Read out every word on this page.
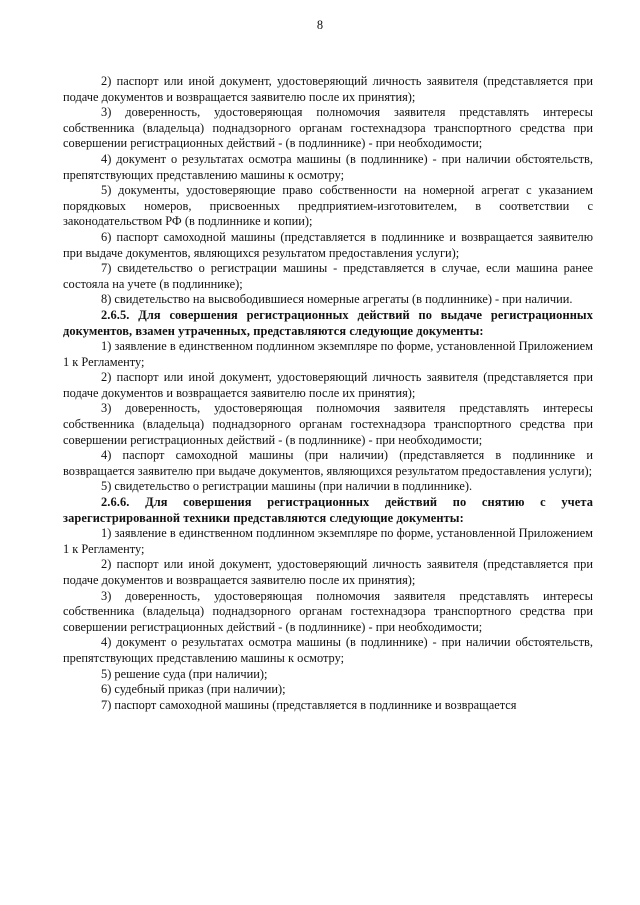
8

2) паспорт или иной документ, удостоверяющий личность заявителя (представляется при подаче документов и возвращается заявителю после их принятия);

3) доверенность, удостоверяющая полномочия заявителя представлять интересы собственника (владельца) поднадзорного органам гостехнадзора транспортного средства при совершении регистрационных действий - (в подлиннике) - при необходимости;

4) документ о результатах осмотра машины (в подлиннике) - при наличии обстоятельств, препятствующих представлению машины к осмотру;

5) документы, удостоверяющие право собственности на номерной агрегат с указанием порядковых номеров, присвоенных предприятием-изготовителем, в соответствии с законодательством РФ (в подлиннике и копии);

6) паспорт самоходной машины (представляется в подлиннике и возвращается заявителю при выдаче документов, являющихся результатом предоставления услуги);

7) свидетельство о регистрации машины - представляется в случае, если машина ранее состояла на учете (в подлиннике);

8) свидетельство на высвободившиеся номерные агрегаты (в подлиннике) - при наличии.

2.6.5. Для совершения регистрационных действий по выдаче регистрационных документов, взамен утраченных, представляются следующие документы:

1) заявление в единственном подлинном экземпляре по форме, установленной Приложением 1 к Регламенту;

2) паспорт или иной документ, удостоверяющий личность заявителя (представляется при подаче документов и возвращается заявителю после их принятия);

3) доверенность, удостоверяющая полномочия заявителя представлять интересы собственника (владельца) поднадзорного органам гостехнадзора транспортного средства при совершении регистрационных действий - (в подлиннике) - при необходимости;

4) паспорт самоходной машины (при наличии) (представляется в подлиннике и возвращается заявителю при выдаче документов, являющихся результатом предоставления услуги);

5) свидетельство о регистрации машины (при наличии в подлиннике).

2.6.6. Для совершения регистрационных действий по снятию с учета зарегистрированной техники представляются следующие документы:

1) заявление в единственном подлинном экземпляре по форме, установленной Приложением 1 к Регламенту;

2) паспорт или иной документ, удостоверяющий личность заявителя (представляется при подаче документов и возвращается заявителю после их принятия);

3) доверенность, удостоверяющая полномочия заявителя представлять интересы собственника (владельца) поднадзорного органам гостехнадзора транспортного средства при совершении регистрационных действий - (в подлиннике) - при необходимости;

4) документ о результатах осмотра машины (в подлиннике) - при наличии обстоятельств, препятствующих представлению машины к осмотру;

5) решение суда (при наличии);

6) судебный приказ (при наличии);

7) паспорт самоходной машины (представляется в подлиннике и возвращается
